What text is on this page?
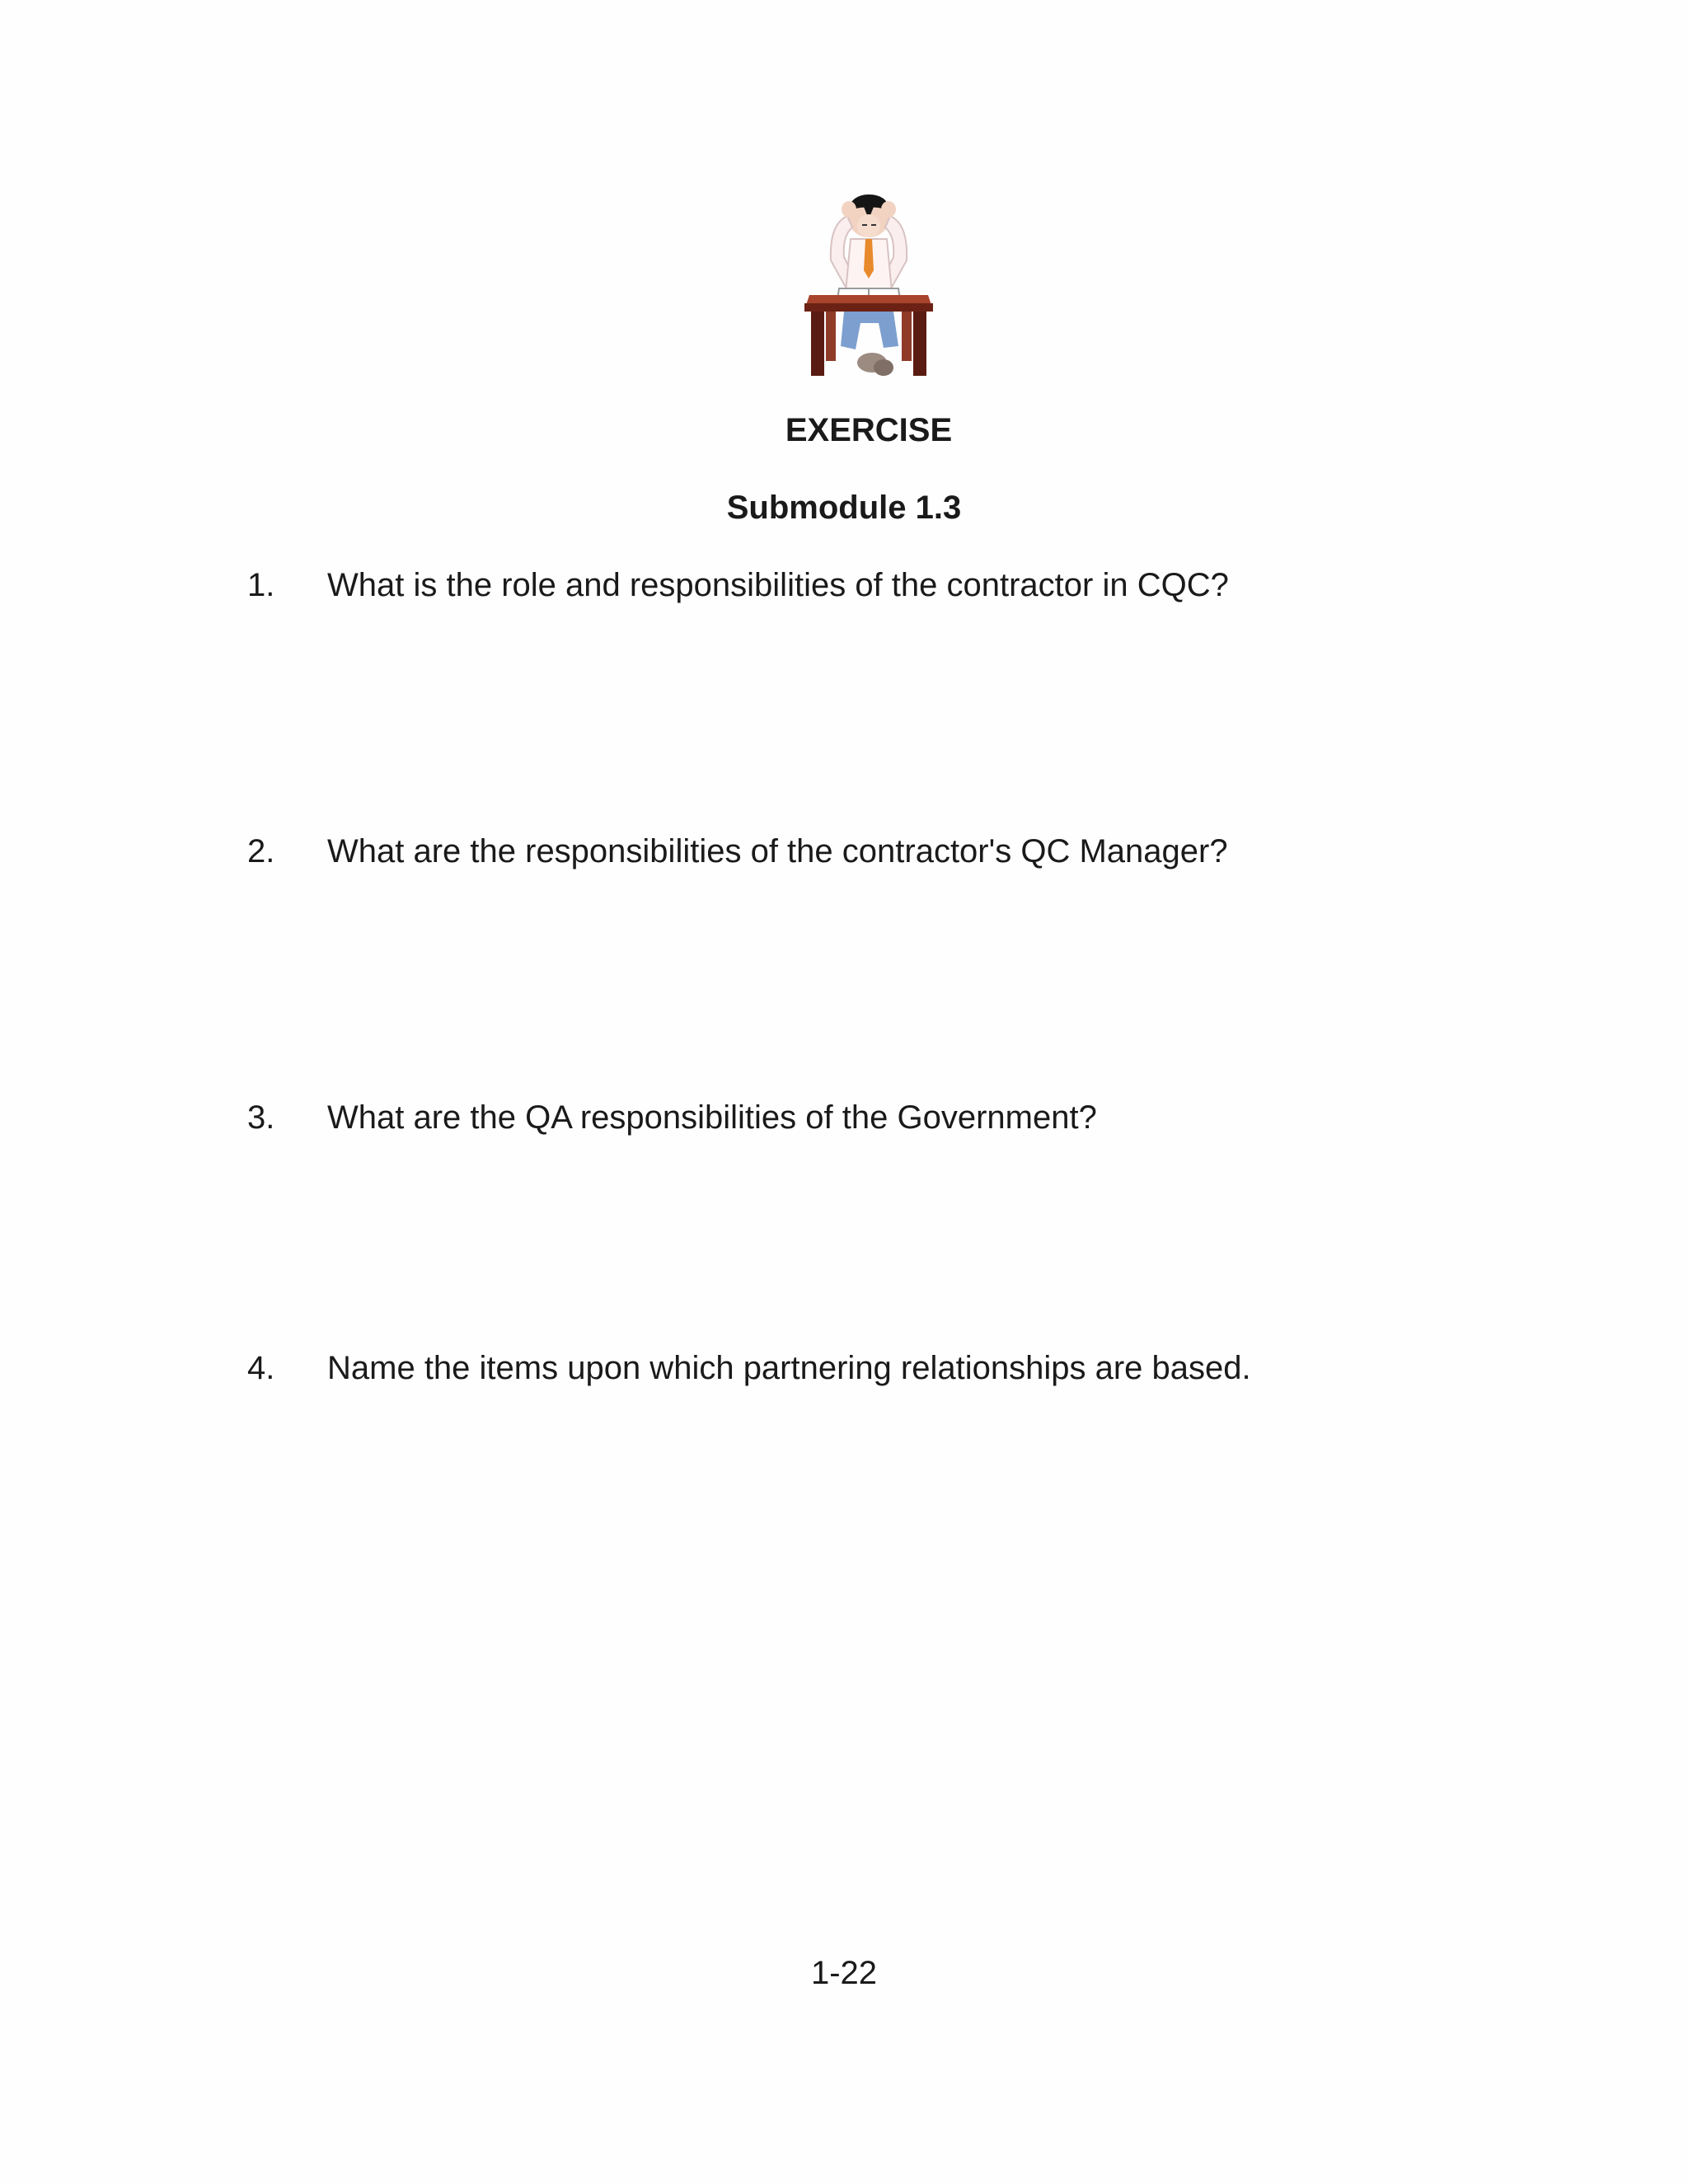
EXERCISE
Submodule 1.3
1. What is the role and responsibilities of the contractor in CQC?
2. What are the responsibilities of the contractor's QC Manager?
3. What are the QA responsibilities of the Government?
4. Name the items upon which partnering relationships are based.
1-22
